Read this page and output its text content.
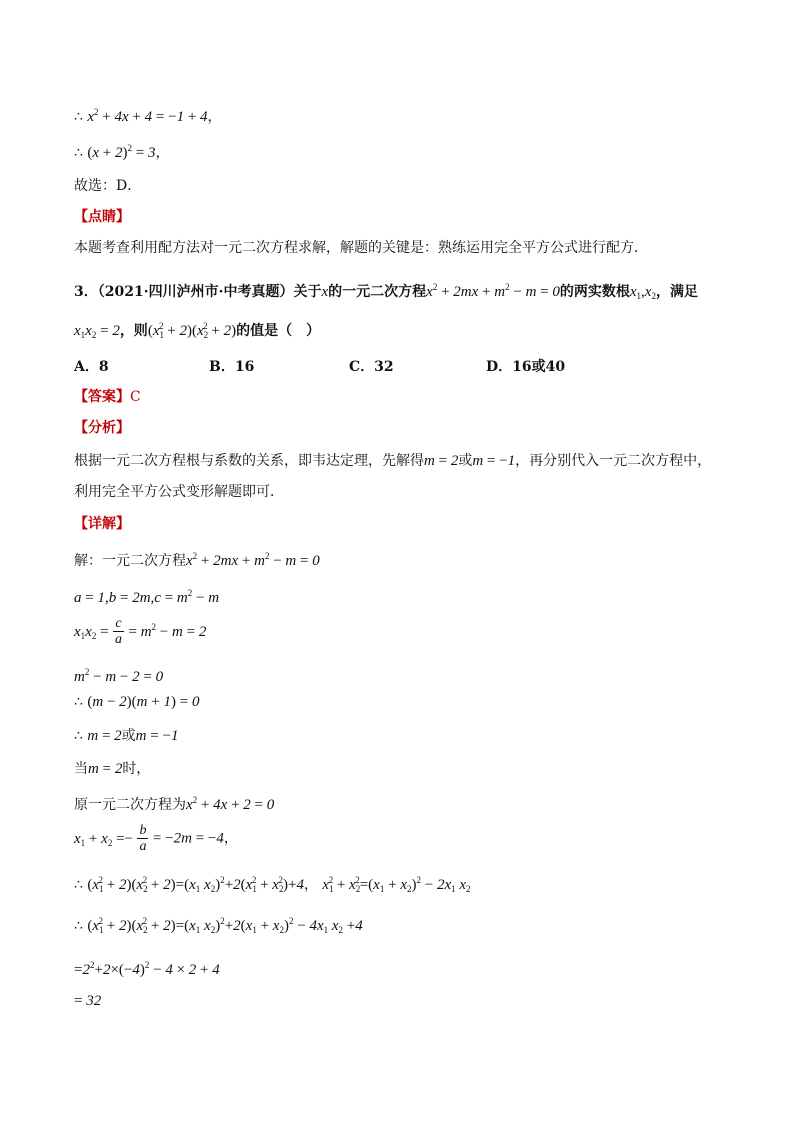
∴ $x^2 + 4x + 4 = -1 + 4$，
∴ $(x + 2)^2 = 3$，
故选：D．
【点睛】
本题考查利用配方法对一元二次方程求解，解题的关键是：熟练运用完全平方公式进行配方．
3．（2021·四川泸州市·中考真题）关于x的一元二次方程$x^2 + 2mx + m^2 - m = 0$的两实数根$x_1,x_2$，满足
$x_1x_2 = 2$，则$(x_1^2 + 2)(x_2^2 + 2)$的值是（　）
A．8	B．16	C．32	D．16或40
【答案】C
【分析】
根据一元二次方程根与系数的关系，即韦达定理，先解得m = 2或m = −1，再分别代入一元二次方程中，
利用完全平方公式变形解题即可．
【详解】
解：一元二次方程$x^2 + 2mx + m^2 - m = 0$
$a = 1,b = 2m,c = m^2 - m$
$x_1x_2 = \frac{c}{a} = m^2 - m = 2$
$m^2 - m - 2 = 0$
∴ (m − 2)(m + 1) = 0
∴ m = 2或m = −1
当m = 2时，
原一元二次方程为$x^2 + 4x + 2 = 0$
$x_1 + x_2 =- \frac{b}{a} = -2m = -4$，
∴ $(x_1^2 + 2)(x_2^2 + 2)=(x_1$ $x_2)^2+2(x_1^2 + x_2^2)+4$， $x_1^2 + x_2^2=(x_1 + x_2)^2 - 2x_1$ $x_2$
∴ $(x_1^2 + 2)(x_2^2 + 2)=(x_1$ $x_2)^2+2(x_1 + x_2)^2 - 4x_1$ $x_2 +4$
$=2^2+2\times(-4)^2 - 4 \times 2 + 4$
= 32
